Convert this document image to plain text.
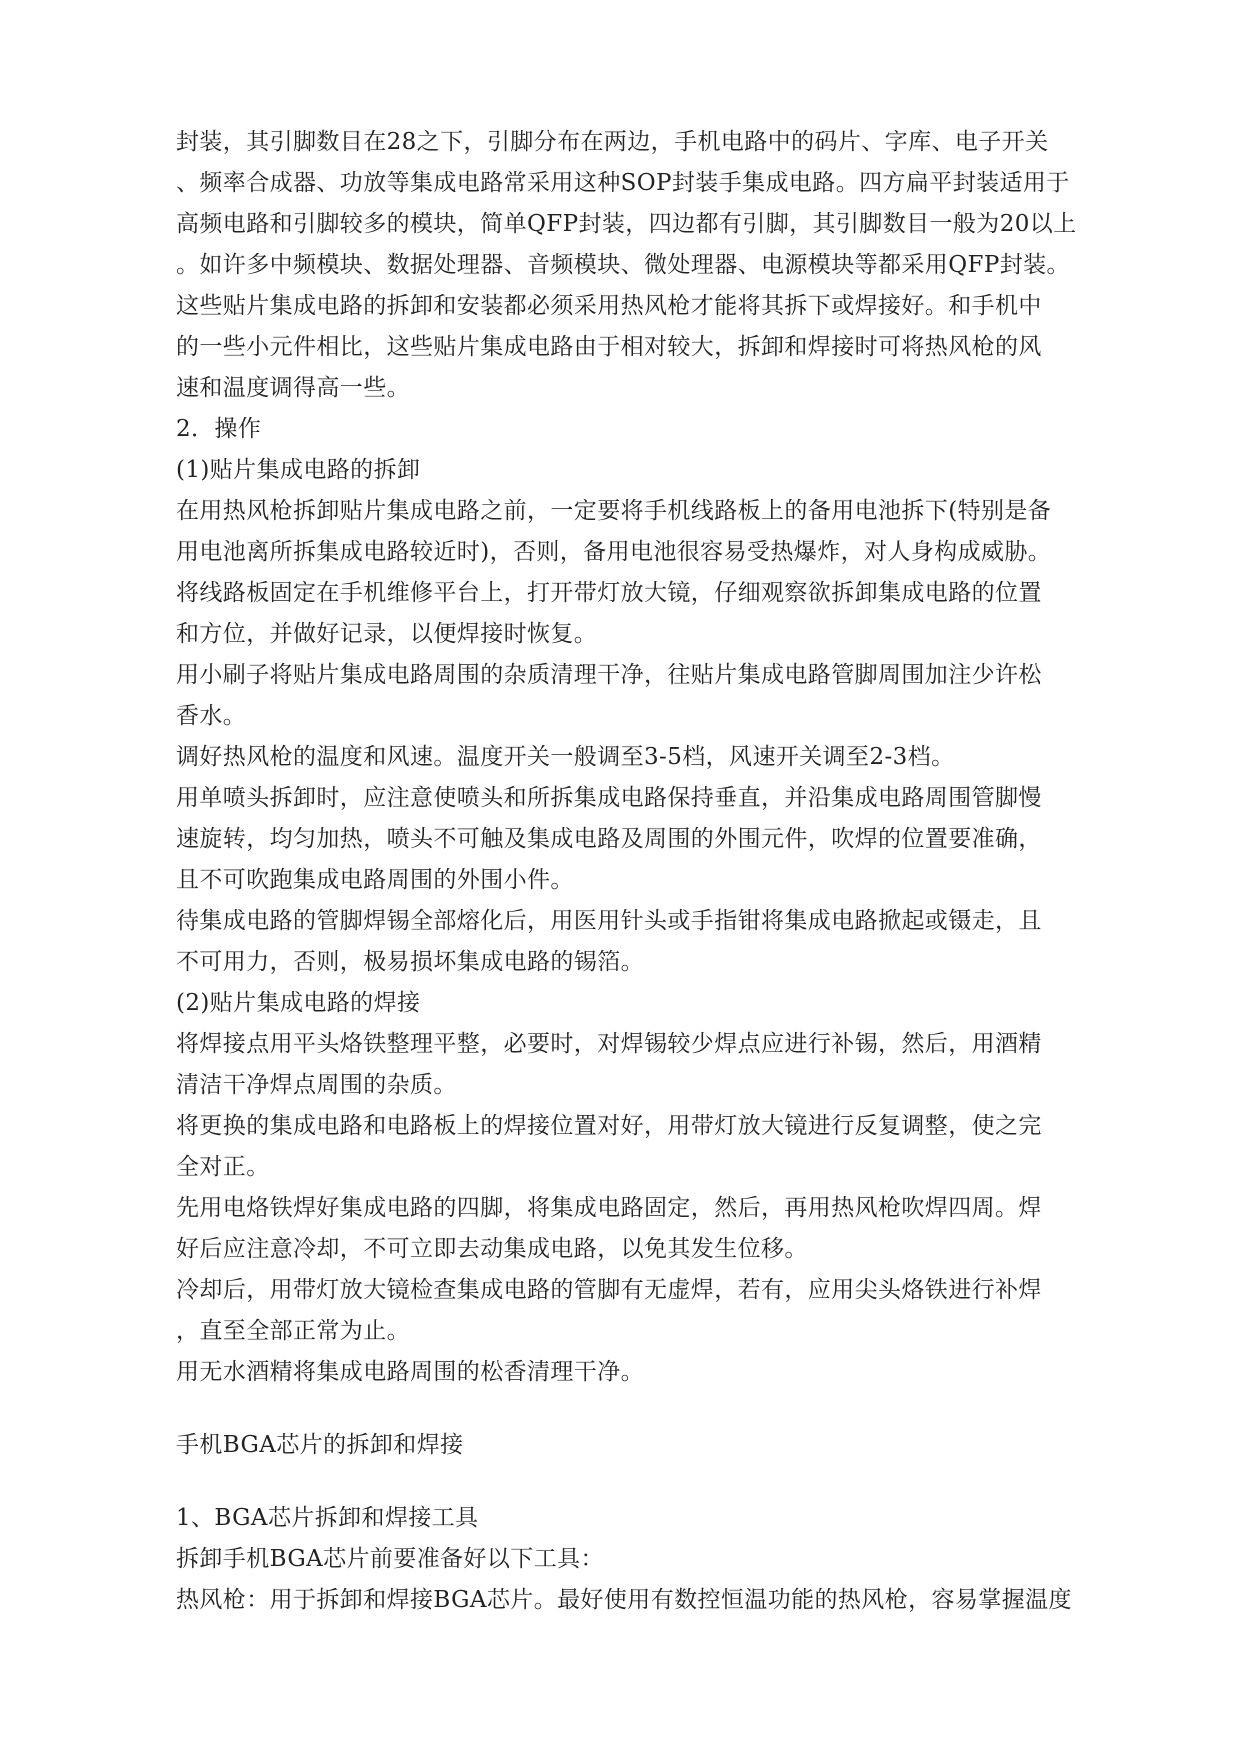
封装，其引脚数目在28之下，引脚分布在两边，手机电路中的码片、字库、电子开关

、频率合成器、功放等集成电路常采用这种SOP封装手集成电路。四方扁平封装适用于

高频电路和引脚较多的模块，简单QFP封装，四边都有引脚，其引脚数目一般为20以上

。如许多中频模块、数据处理器、音频模块、微处理器、电源模块等都采用QFP封装。

这些贴片集成电路的拆卸和安装都必须采用热风枪才能将其拆下或焊接好。和手机中

的一些小元件相比，这些贴片集成电路由于相对较大，拆卸和焊接时可将热风枪的风

速和温度调得高一些。

2．操作

(1)贴片集成电路的拆卸

在用热风枪拆卸贴片集成电路之前，一定要将手机线路板上的备用电池拆下(特别是备

用电池离所拆集成电路较近时)，否则，备用电池很容易受热爆炸，对人身构成威胁。

将线路板固定在手机维修平台上，打开带灯放大镜，仔细观察欲拆卸集成电路的位置

和方位，并做好记录，以便焊接时恢复。

用小刷子将贴片集成电路周围的杂质清理干净，往贴片集成电路管脚周围加注少许松

香水。

调好热风枪的温度和风速。温度开关一般调至3-5档，风速开关调至2-3档。

用单喷头拆卸时，应注意使喷头和所拆集成电路保持垂直，并沿集成电路周围管脚慢

速旋转，均匀加热，喷头不可触及集成电路及周围的外围元件，吹焊的位置要准确，

且不可吹跑集成电路周围的外围小件。

待集成电路的管脚焊锡全部熔化后，用医用针头或手指钳将集成电路掀起或镊走，且

不可用力，否则，极易损坏集成电路的锡箔。

(2)贴片集成电路的焊接

将焊接点用平头烙铁整理平整，必要时，对焊锡较少焊点应进行补锡，然后，用酒精

清洁干净焊点周围的杂质。

将更换的集成电路和电路板上的焊接位置对好，用带灯放大镜进行反复调整，使之完

全对正。

先用电烙铁焊好集成电路的四脚，将集成电路固定，然后，再用热风枪吹焊四周。焊

好后应注意冷却，不可立即去动集成电路，以免其发生位移。

冷却后，用带灯放大镜检查集成电路的管脚有无虚焊，若有，应用尖头烙铁进行补焊

，直至全部正常为止。

用无水酒精将集成电路周围的松香清理干净。

手机BGA芯片的拆卸和焊接

1、BGA芯片拆卸和焊接工具

拆卸手机BGA芯片前要准备好以下工具：

热风枪：用于拆卸和焊接BGA芯片。最好使用有数控恒温功能的热风枪，容易掌握温度
